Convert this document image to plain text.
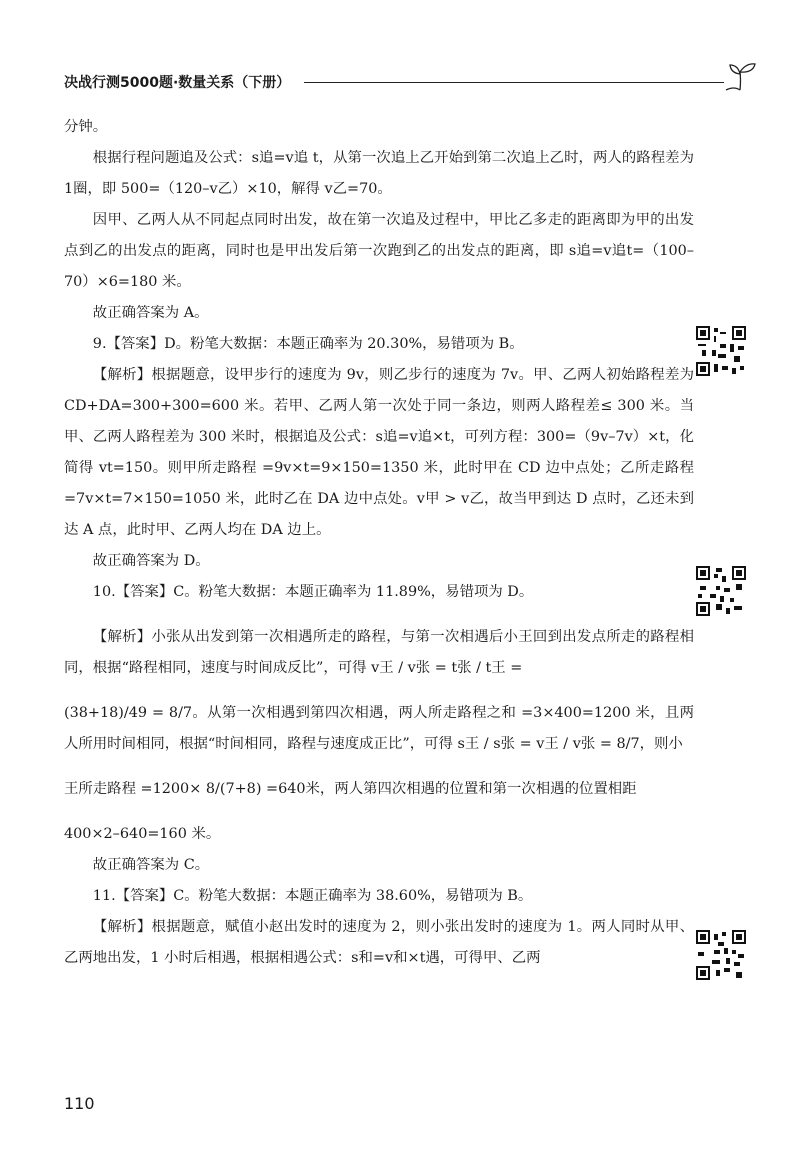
决战行测5000题·数量关系（下册）

分钟。

根据行程问题追及公式：s追=v追 t，从第一次追上乙开始到第二次追上乙时，两人的路程差为1圈，即 500=（120–v乙）×10，解得 v乙=70。

因甲、乙两人从不同起点同时出发，故在第一次追及过程中，甲比乙多走的距离即为甲的出发点到乙的出发点的距离，同时也是甲出发后第一次跑到乙的出发点的距离，即 s追=v追t=（100–70）×6=180 米。

故正确答案为 A。

9.【答案】D。粉笔大数据：本题正确率为 20.30%，易错项为 B。

【解析】根据题意，设甲步行的速度为 9v，则乙步行的速度为 7v。甲、乙两人初始路程差为 CD+DA=300+300=600 米。若甲、乙两人第一次处于同一条边，则两人路程差≤ 300 米。当甲、乙两人路程差为 300 米时，根据追及公式：s追=v追×t，可列方程：300=（9v–7v）×t，化简得 vt=150。则甲所走路程 =9v×t=9×150=1350 米，此时甲在 CD 边中点处；乙所走路程 =7v×t=7×150=1050 米，此时乙在 DA 边中点处。v甲 > v乙，故当甲到达 D 点时，乙还未到达 A 点，此时甲、乙两人均在 DA 边上。

故正确答案为 D。

10.【答案】C。粉笔大数据：本题正确率为 11.89%，易错项为 D。

【解析】小张从出发到第一次相遇所走的路程，与第一次相遇后小王回到出发点所走的路程相同，根据“路程相同，速度与时间成反比”，可得 v王 / v张 = t张 / t王 =

(38+18)/49 = 8/7。从第一次相遇到第四次相遇，两人所走路程之和 =3×400=1200 米，且两人所用时间相同，根据“时间相同，路程与速度成正比”，可得 s王 / s张 = v王 / v张 = 8/7，则小

王所走路程 =1200× 8/(7+8) =640米，两人第四次相遇的位置和第一次相遇的位置相距

400×2–640=160 米。

故正确答案为 C。

11.【答案】C。粉笔大数据：本题正确率为 38.60%，易错项为 B。

【解析】根据题意，赋值小赵出发时的速度为 2，则小张出发时的速度为 1。两人同时从甲、乙两地出发，1 小时后相遇，根据相遇公式：s和=v和×t遇，可得甲、乙两

110
